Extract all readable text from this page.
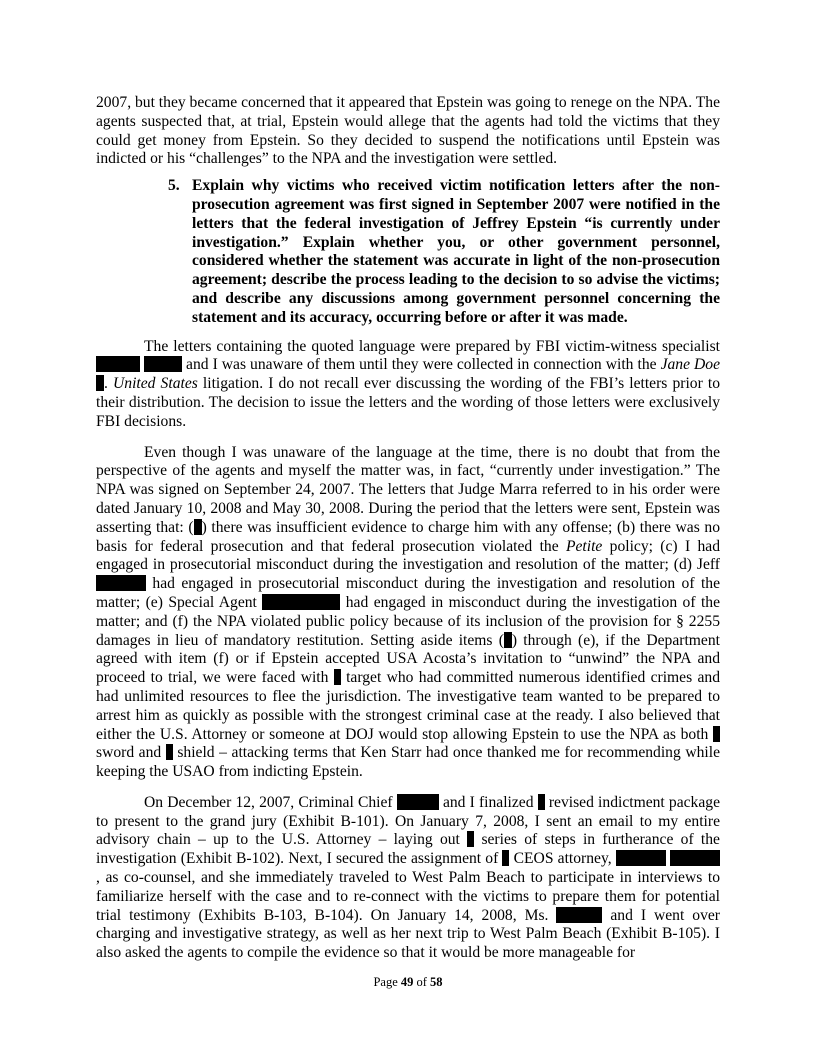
2007, but they became concerned that it appeared that Epstein was going to renege on the NPA. The agents suspected that, at trial, Epstein would allege that the agents had told the victims that they could get money from Epstein. So they decided to suspend the notifications until Epstein was indicted or his “challenges” to the NPA and the investigation were settled.

5. Explain why victims who received victim notification letters after the non-prosecution agreement was first signed in September 2007 were notified in the letters that the federal investigation of Jeffrey Epstein “is currently under investigation.” Explain whether you, or other government personnel, considered whether the statement was accurate in light of the non-prosecution agreement; describe the process leading to the decision to so advise the victims; and describe any discussions among government personnel concerning the statement and its accuracy, occurring before or after it was made.

The letters containing the quoted language were prepared by FBI victim-witness specialist   and I was unaware of them until they were collected in connection with the Jane Doe . United States litigation. I do not recall ever discussing the wording of the FBI’s letters prior to their distribution. The decision to issue the letters and the wording of those letters were exclusively FBI decisions.

Even though I was unaware of the language at the time, there is no doubt that from the perspective of the agents and myself the matter was, in fact, “currently under investigation.” The NPA was signed on September 24, 2007. The letters that Judge Marra referred to in his order were dated January 10, 2008 and May 30, 2008. During the period that the letters were sent, Epstein was asserting that: ( ) there was insufficient evidence to charge him with any offense; (b) there was no basis for federal prosecution and that federal prosecution violated the Petite policy; (c) I had engaged in prosecutorial misconduct during the investigation and resolution of the matter; (d) Jeff  had engaged in prosecutorial misconduct during the investigation and resolution of the matter; (e) Special Agent	had engaged in misconduct during the investigation of the matter; and (f) the NPA violated public policy because of its inclusion of the provision for § 2255 damages in lieu of mandatory restitution. Setting aside items ( ) through (e), if the Department agreed with item (f) or if Epstein accepted USA Acosta’s invitation to “unwind” the NPA and proceed to trial, we were faced with  target who had committed numerous identified crimes and had unlimited resources to flee the jurisdiction. The investigative team wanted to be prepared to arrest him as quickly as possible with the strongest criminal case at the ready. I also believed that either the U.S. Attorney or someone at DOJ would stop allowing Epstein to use the NPA as both  sword and  shield – attacking terms that Ken Starr had once thanked me for recommending while keeping the USAO from indicting Epstein.

On December 12, 2007, Criminal Chief	and I finalized  revised indictment package to present to the grand jury (Exhibit B-101). On January 7, 2008, I sent an email to my entire advisory chain – up to the U.S. Attorney – laying out  series of steps in furtherance of the investigation (Exhibit B-102). Next, I secured the assignment of  CEOS attorney,  , as co-counsel, and she immediately traveled to West Palm Beach to participate in interviews to familiarize herself with the case and to re-connect with the victims to prepare them for potential trial testimony (Exhibits B-103, B-104). On January 14, 2008, Ms.	and I went over charging and investigative strategy, as well as her next trip to West Palm Beach (Exhibit B-105). I also asked the agents to compile the evidence so that it would be more manageable for

Page 49 of 58
